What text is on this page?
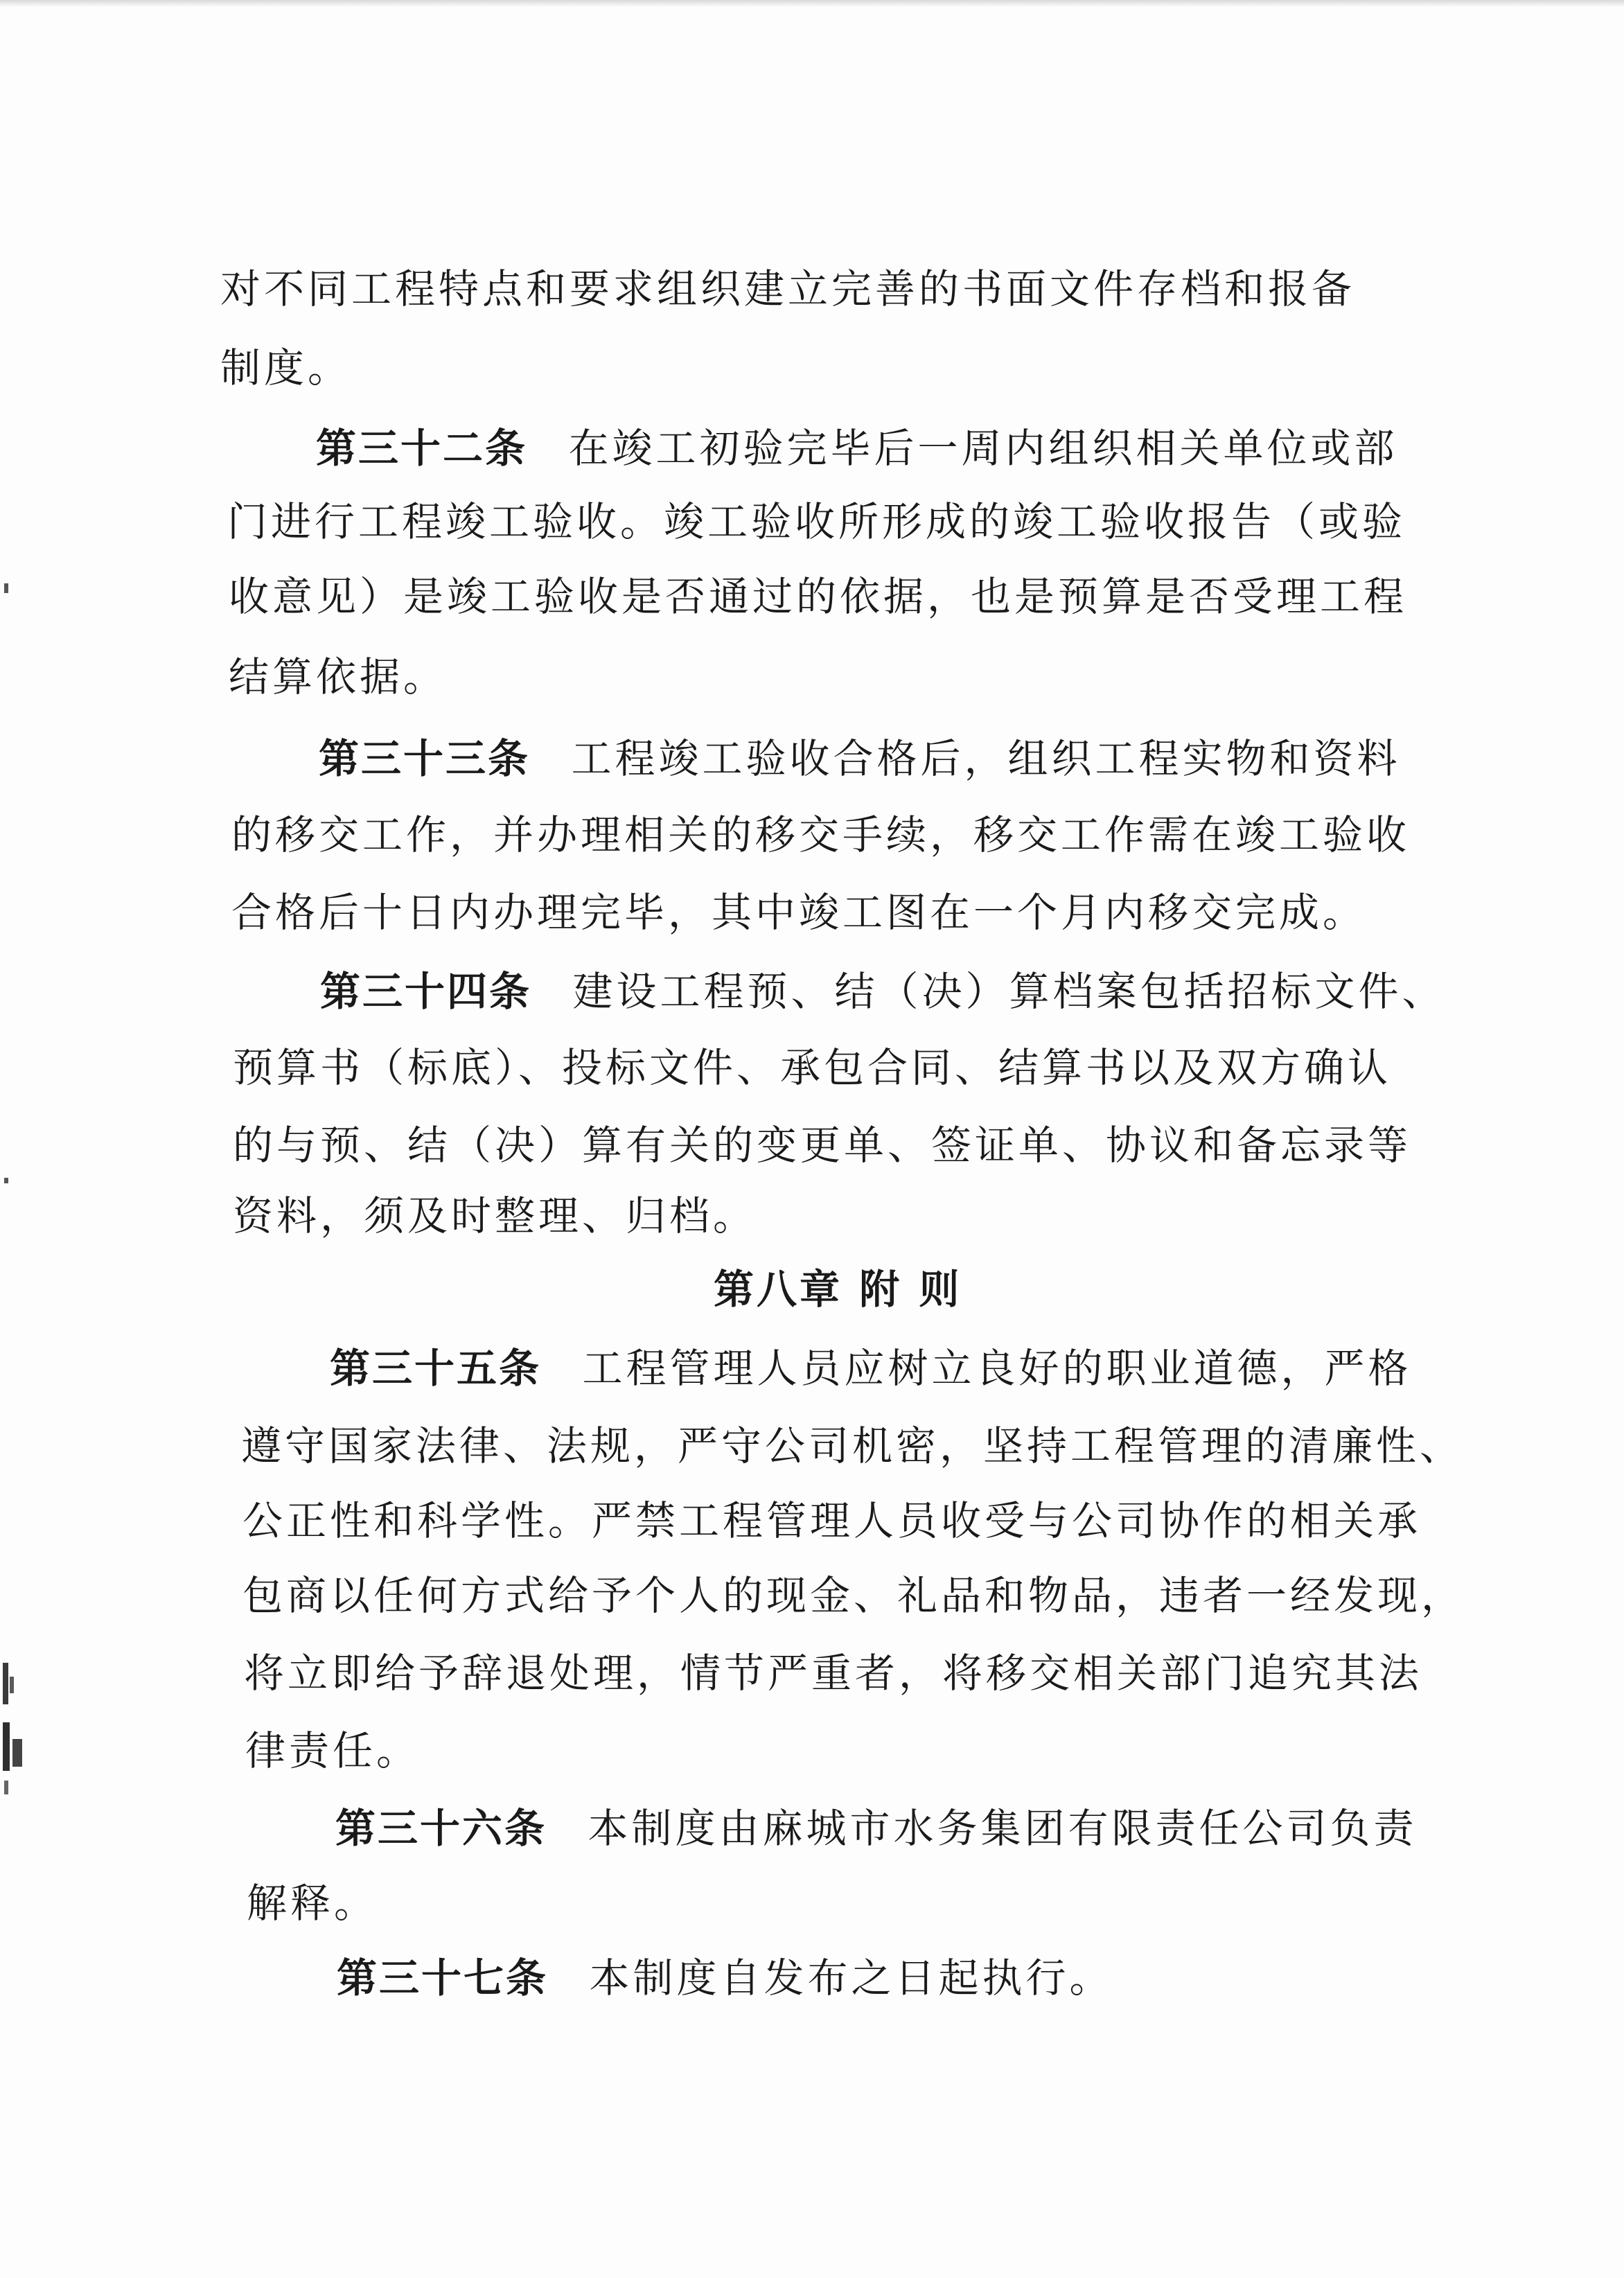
对不同工程特点和要求组织建立完善的书面文件存档和报备
制度。
第三十二条 在竣工初验完毕后一周内组织相关单位或部
门进行工程竣工验收。竣工验收所形成的竣工验收报告（或验
收意见）是竣工验收是否通过的依据，也是预算是否受理工程
结算依据。
第三十三条 工程竣工验收合格后，组织工程实物和资料
的移交工作，并办理相关的移交手续，移交工作需在竣工验收
合格后十日内办理完毕，其中竣工图在一个月内移交完成。
第三十四条 建设工程预、结（决）算档案包括招标文件、
预算书（标底）、投标文件、承包合同、结算书以及双方确认
的与预、结（决）算有关的变更单、签证单、协议和备忘录等
资料，须及时整理、归档。
第八章 附 则
第三十五条 工程管理人员应树立良好的职业道德，严格
遵守国家法律、法规，严守公司机密，坚持工程管理的清廉性、
公正性和科学性。严禁工程管理人员收受与公司协作的相关承
包商以任何方式给予个人的现金、礼品和物品，违者一经发现，
将立即给予辞退处理，情节严重者，将移交相关部门追究其法
律责任。
第三十六条 本制度由麻城市水务集团有限责任公司负责
解释。
第三十七条 本制度自发布之日起执行。
